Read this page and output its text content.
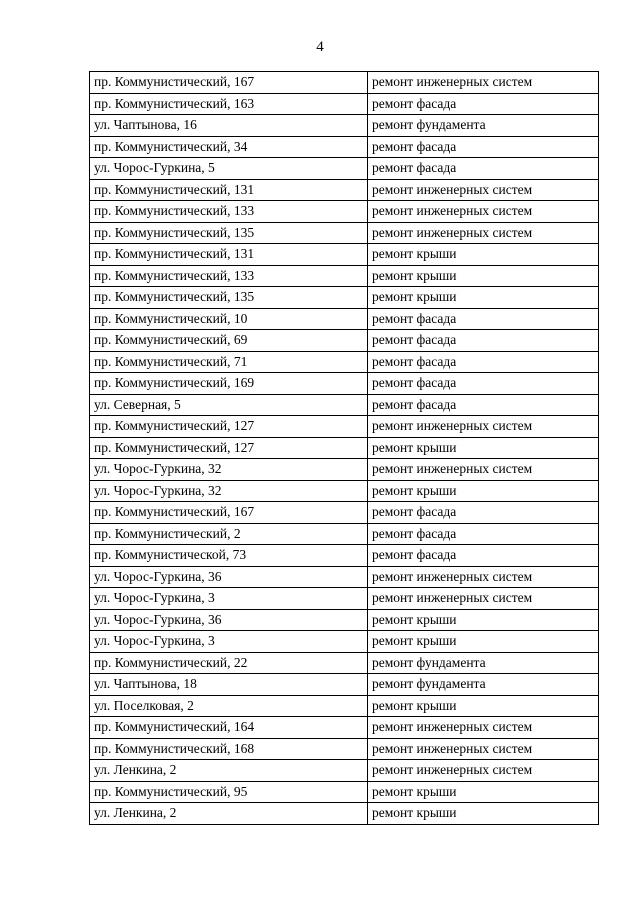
4
пр. Коммунистический, 167	ремонт инженерных систем
пр. Коммунистический, 163	ремонт фасада
ул. Чаптынова, 16	ремонт фундамента
пр. Коммунистический, 34	ремонт фасада
ул. Чорос-Гуркина, 5	ремонт фасада
пр. Коммунистический, 131	ремонт инженерных систем
пр. Коммунистический, 133	ремонт инженерных систем
пр. Коммунистический, 135	ремонт инженерных систем
пр. Коммунистический, 131	ремонт крыши
пр. Коммунистический, 133	ремонт крыши
пр. Коммунистический, 135	ремонт крыши
пр. Коммунистический, 10	ремонт фасада
пр. Коммунистический, 69	ремонт фасада
пр. Коммунистический, 71	ремонт фасада
пр. Коммунистический, 169	ремонт фасада
ул. Северная, 5	ремонт фасада
пр. Коммунистический, 127	ремонт инженерных систем
пр. Коммунистический, 127	ремонт крыши
ул. Чорос-Гуркина, 32	ремонт инженерных систем
ул. Чорос-Гуркина, 32	ремонт крыши
пр. Коммунистический, 167	ремонт фасада
пр. Коммунистический, 2	ремонт фасада
пр. Коммунистической, 73	ремонт фасада
ул. Чорос-Гуркина, 36	ремонт инженерных систем
ул. Чорос-Гуркина, 3	ремонт инженерных систем
ул. Чорос-Гуркина, 36	ремонт крыши
ул. Чорос-Гуркина, 3	ремонт крыши
пр. Коммунистический, 22	ремонт фундамента
ул. Чаптынова, 18	ремонт фундамента
ул. Поселковая, 2	ремонт крыши
пр. Коммунистический, 164	ремонт инженерных систем
пр. Коммунистический, 168	ремонт инженерных систем
ул. Ленкина, 2	ремонт инженерных систем
пр. Коммунистический, 95	ремонт крыши
ул. Ленкина, 2	ремонт крыши
